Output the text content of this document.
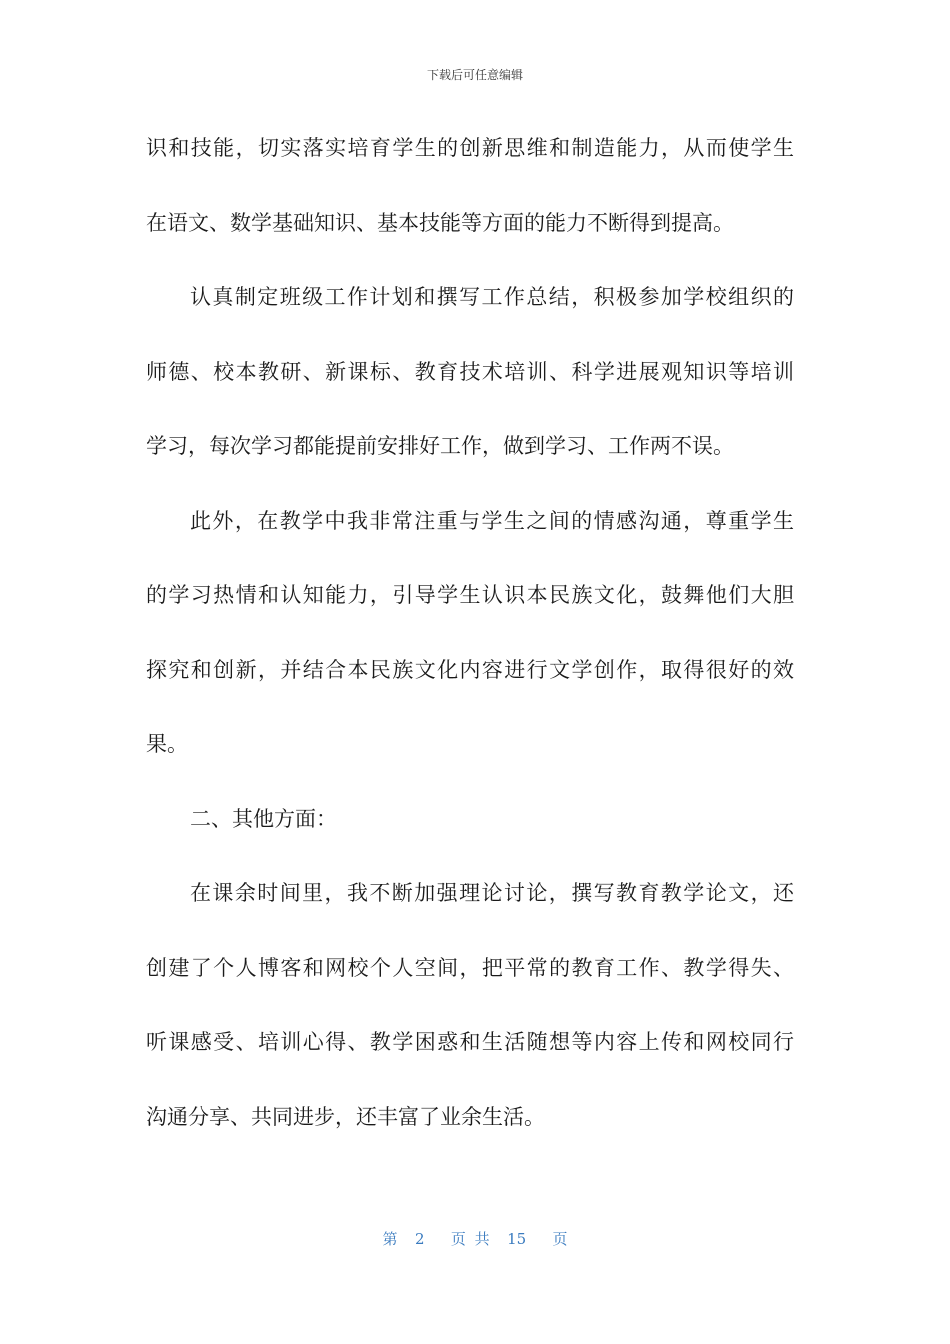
下载后可任意编辑
识和技能，切实落实培育学生的创新思维和制造能力，从而使学生
在语文、数学基础知识、基本技能等方面的能力不断得到提高。
认真制定班级工作计划和撰写工作总结，积极参加学校组织的
师德、校本教研、新课标、教育技术培训、科学进展观知识等培训
学习，每次学习都能提前安排好工作，做到学习、工作两不误。
此外，在教学中我非常注重与学生之间的情感沟通，尊重学生
的学习热情和认知能力，引导学生认识本民族文化，鼓舞他们大胆
探究和创新，并结合本民族文化内容进行文学创作，取得很好的效
果。
二、其他方面：
在课余时间里，我不断加强理论讨论，撰写教育教学论文，还
创建了个人博客和网校个人空间，把平常的教育工作、教学得失、
听课感受、培训心得、教学困惑和生活随想等内容上传和网校同行
沟通分享、共同进步，还丰富了业余生活。
第  2   页 共  15   页
